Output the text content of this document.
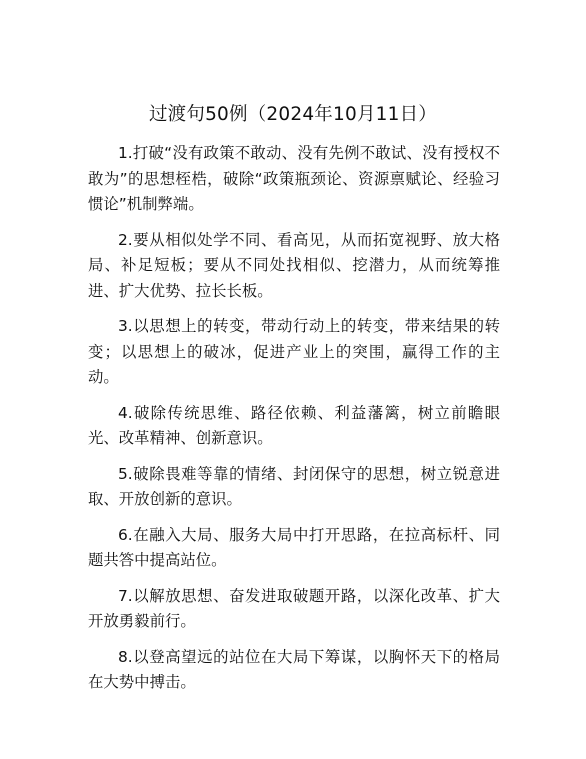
过渡句50例（2024年10月11日）

1.打破“没有政策不敢动、没有先例不敢试、没有授权不敢为”的思想桎梏，破除“政策瓶颈论、资源禀赋论、经验习惯论”机制弊端。

2.要从相似处学不同、看高见，从而拓宽视野、放大格局、补足短板；要从不同处找相似、挖潜力，从而统筹推进、扩大优势、拉长长板。

3.以思想上的转变，带动行动上的转变，带来结果的转变；以思想上的破冰，促进产业上的突围，赢得工作的主动。

4.破除传统思维、路径依赖、利益藩篱，树立前瞻眼光、改革精神、创新意识。

5.破除畏难等靠的情绪、封闭保守的思想，树立锐意进取、开放创新的意识。

6.在融入大局、服务大局中打开思路，在拉高标杆、同题共答中提高站位。

7.以解放思想、奋发进取破题开路，以深化改革、扩大开放勇毅前行。

8.以登高望远的站位在大局下筹谋，以胸怀天下的格局在大势中搏击。
